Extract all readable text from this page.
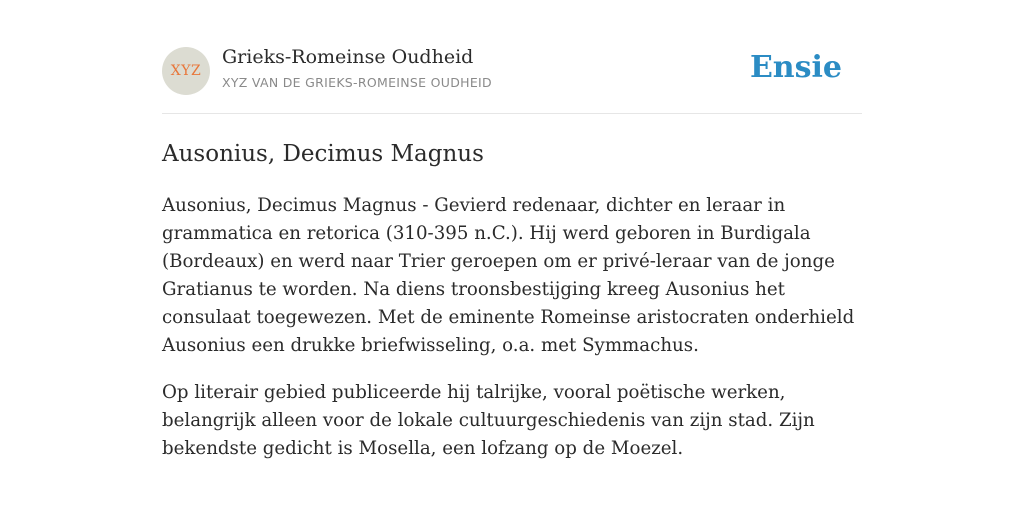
XYZ
Grieks-Romeinse Oudheid
XYZ VAN DE GRIEKS-ROMEINSE OUDHEID	Ensie
Ausonius, Decimus Magnus

Ausonius, Decimus Magnus - Gevierd redenaar, dichter en leraar in grammatica en retorica (310-395 n.C.). Hij werd geboren in Burdigala (Bordeaux) en werd naar Trier geroepen om er privé-leraar van de jonge Gratianus te worden. Na diens troonsbestijging kreeg Ausonius het consulaat toegewezen. Met de eminente Romeinse aristocraten onderhield Ausonius een drukke briefwisseling, o.a. met Symmachus.

Op literair gebied publiceerde hij talrijke, vooral poëtische werken, belangrijk alleen voor de lokale cultuurgeschiedenis van zijn stad. Zijn bekendste gedicht is Mosella, een lofzang op de Moezel.
